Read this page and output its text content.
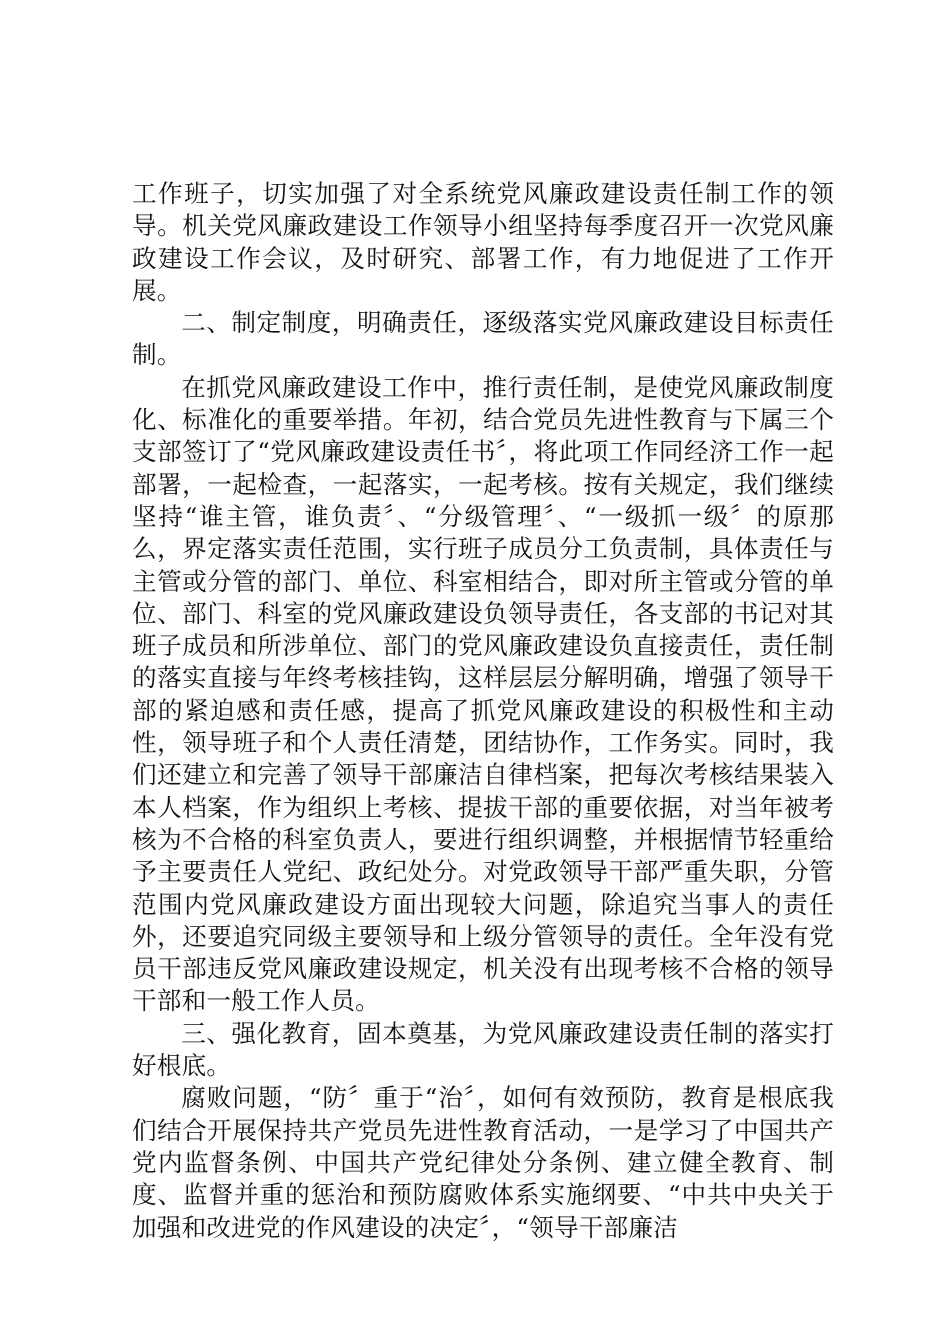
工作班子，切实加强了对全系统党风廉政建设责任制工作的领导。机关党风廉政建设工作领导小组坚持每季度召开一次党风廉政建设工作会议，及时研究、部署工作，有力地促进了工作开展。

二、制定制度，明确责任，逐级落实党风廉政建设目标责任制。

在抓党风廉政建设工作中，推行责任制，是使党风廉政制度化、标准化的重要举措。年初，结合党员先进性教育与下属三个支部签订了“党风廉政建设责任书〞，将此项工作同经济工作一起部署，一起检查，一起落实，一起考核。按有关规定，我们继续坚持“谁主管，谁负责〞、“分级管理〞、“一级抓一级〞的原那么，界定落实责任范围，实行班子成员分工负责制，具体责任与主管或分管的部门、单位、科室相结合，即对所主管或分管的单位、部门、科室的党风廉政建设负领导责任，各支部的书记对其班子成员和所涉单位、部门的党风廉政建设负直接责任，责任制的落实直接与年终考核挂钩，这样层层分解明确，增强了领导干部的紧迫感和责任感，提高了抓党风廉政建设的积极性和主动性，领导班子和个人责任清楚，团结协作，工作务实。同时，我们还建立和完善了领导干部廉洁自律档案，把每次考核结果装入本人档案，作为组织上考核、提拔干部的重要依据，对当年被考核为不合格的科室负责人，要进行组织调整，并根据情节轻重给予主要责任人党纪、政纪处分。对党政领导干部严重失职，分管范围内党风廉政建设方面出现较大问题，除追究当事人的责任外，还要追究同级主要领导和上级分管领导的责任。全年没有党员干部违反党风廉政建设规定，机关没有出现考核不合格的领导干部和一般工作人员。

三、强化教育，固本奠基，为党风廉政建设责任制的落实打好根底。

腐败问题，“防〞重于“治〞，如何有效预防，教育是根底我们结合开展保持共产党员先进性教育活动，一是学习了中国共产党内监督条例、中国共产党纪律处分条例、建立健全教育、制度、监督并重的惩治和预防腐败体系实施纲要、“中共中央关于加强和改进党的作风建设的决定〞，“领导干部廉洁
